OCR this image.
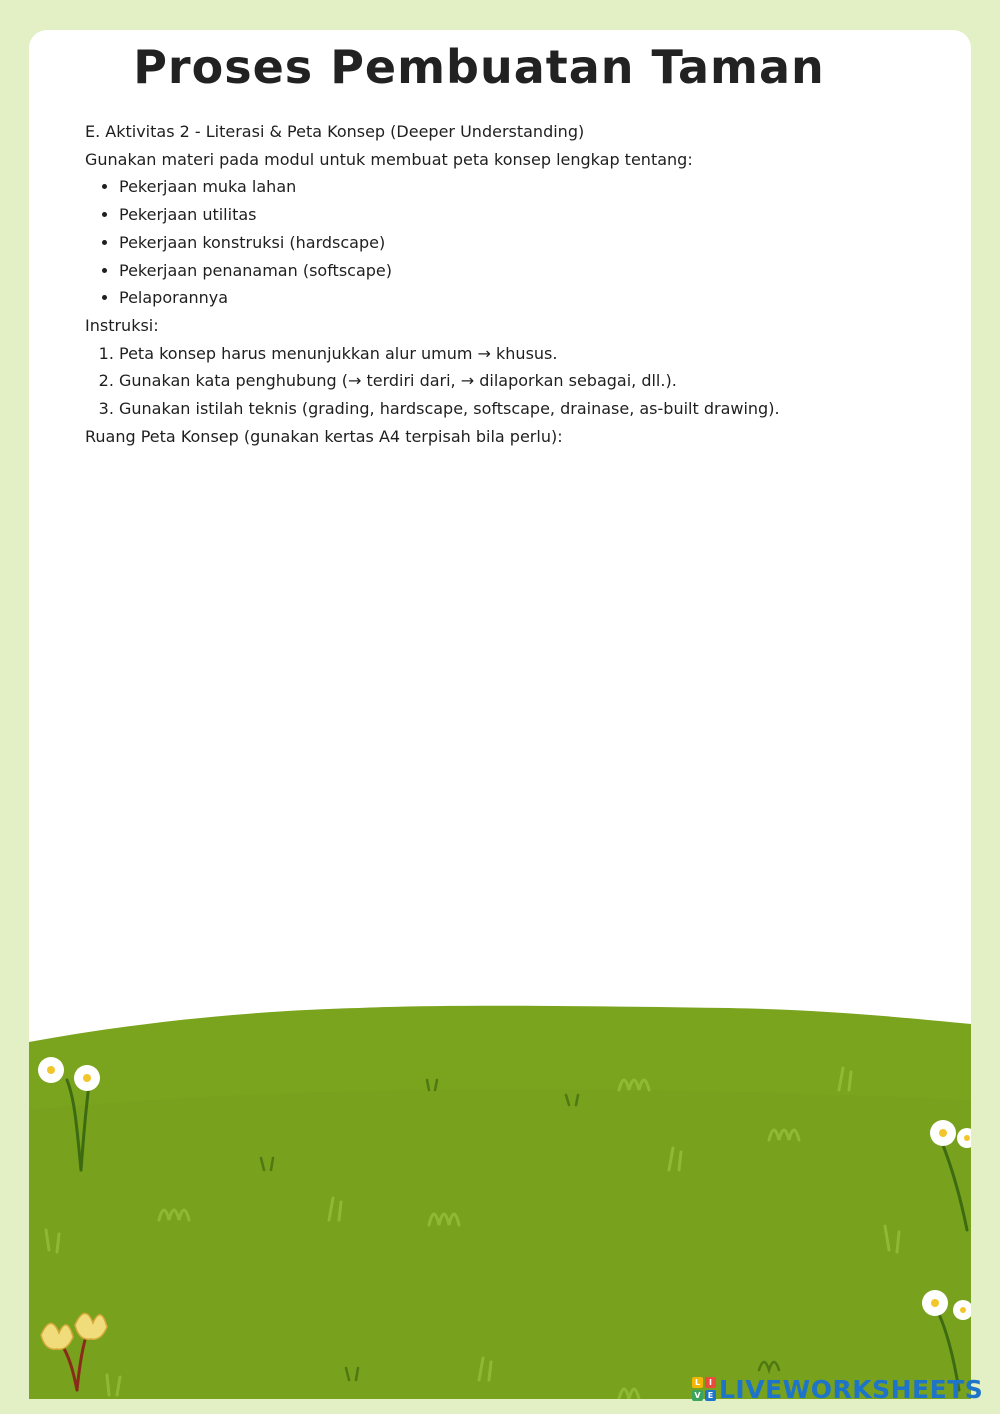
Proses Pembuatan Taman

E. Aktivitas 2 - Literasi & Peta Konsep (Deeper Understanding)

Gunakan materi pada modul untuk membuat peta konsep lengkap tentang:

• Pekerjaan muka lahan
• Pekerjaan utilitas
• Pekerjaan konstruksi (hardscape)
• Pekerjaan penanaman (softscape)
• Pelaporannya

Instruksi:

1. Peta konsep harus menunjukkan alur umum → khusus.
2. Gunakan kata penghubung (→ terdiri dari, → dilaporkan sebagai, dll.).
3. Gunakan istilah teknis (grading, hardscape, softscape, drainase, as-built drawing).

Ruang Peta Konsep (gunakan kertas A4 terpisah bila perlu):

L	I
V E LIVEWORKSHEETS
